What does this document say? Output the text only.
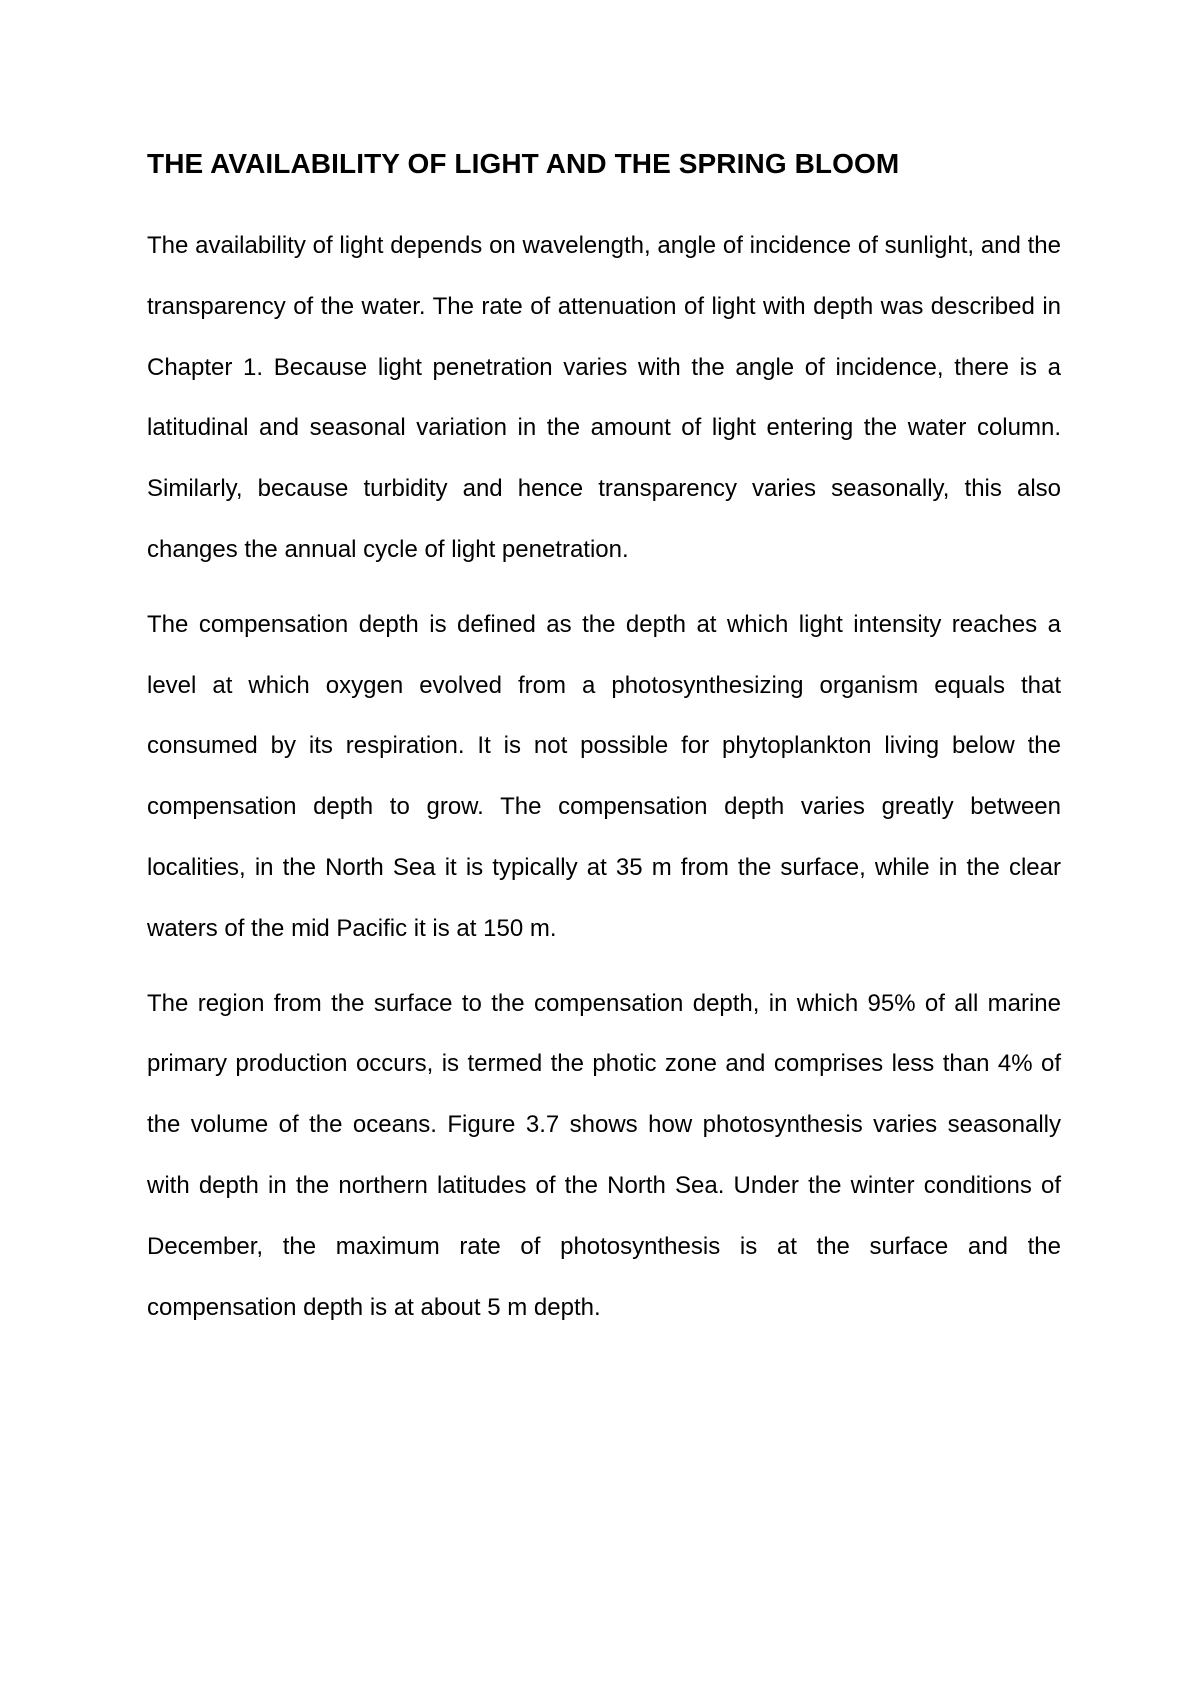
THE AVAILABILITY OF LIGHT AND THE SPRING BLOOM

The availability of light depends on wavelength, angle of incidence of sunlight, and the transparency of the water. The rate of attenuation of light with depth was described in Chapter 1. Because light penetration varies with the angle of incidence, there is a latitudinal and seasonal variation in the amount of light entering the water column. Similarly, because turbidity and hence transparency varies seasonally, this also changes the annual cycle of light penetration.

The compensation depth is defined as the depth at which light intensity reaches a level at which oxygen evolved from a photosynthesizing organism equals that consumed by its respiration. It is not possible for phytoplankton living below the compensation depth to grow. The compensation depth varies greatly between localities, in the North Sea it is typically at 35 m from the surface, while in the clear waters of the mid Pacific it is at 150 m.

The region from the surface to the compensation depth, in which 95% of all marine primary production occurs, is termed the photic zone and comprises less than 4% of the volume of the oceans. Figure 3.7 shows how photosynthesis varies seasonally with depth in the northern latitudes of the North Sea. Under the winter conditions of December, the maximum rate of photosynthesis is at the surface and the compensation depth is at about 5 m depth.
